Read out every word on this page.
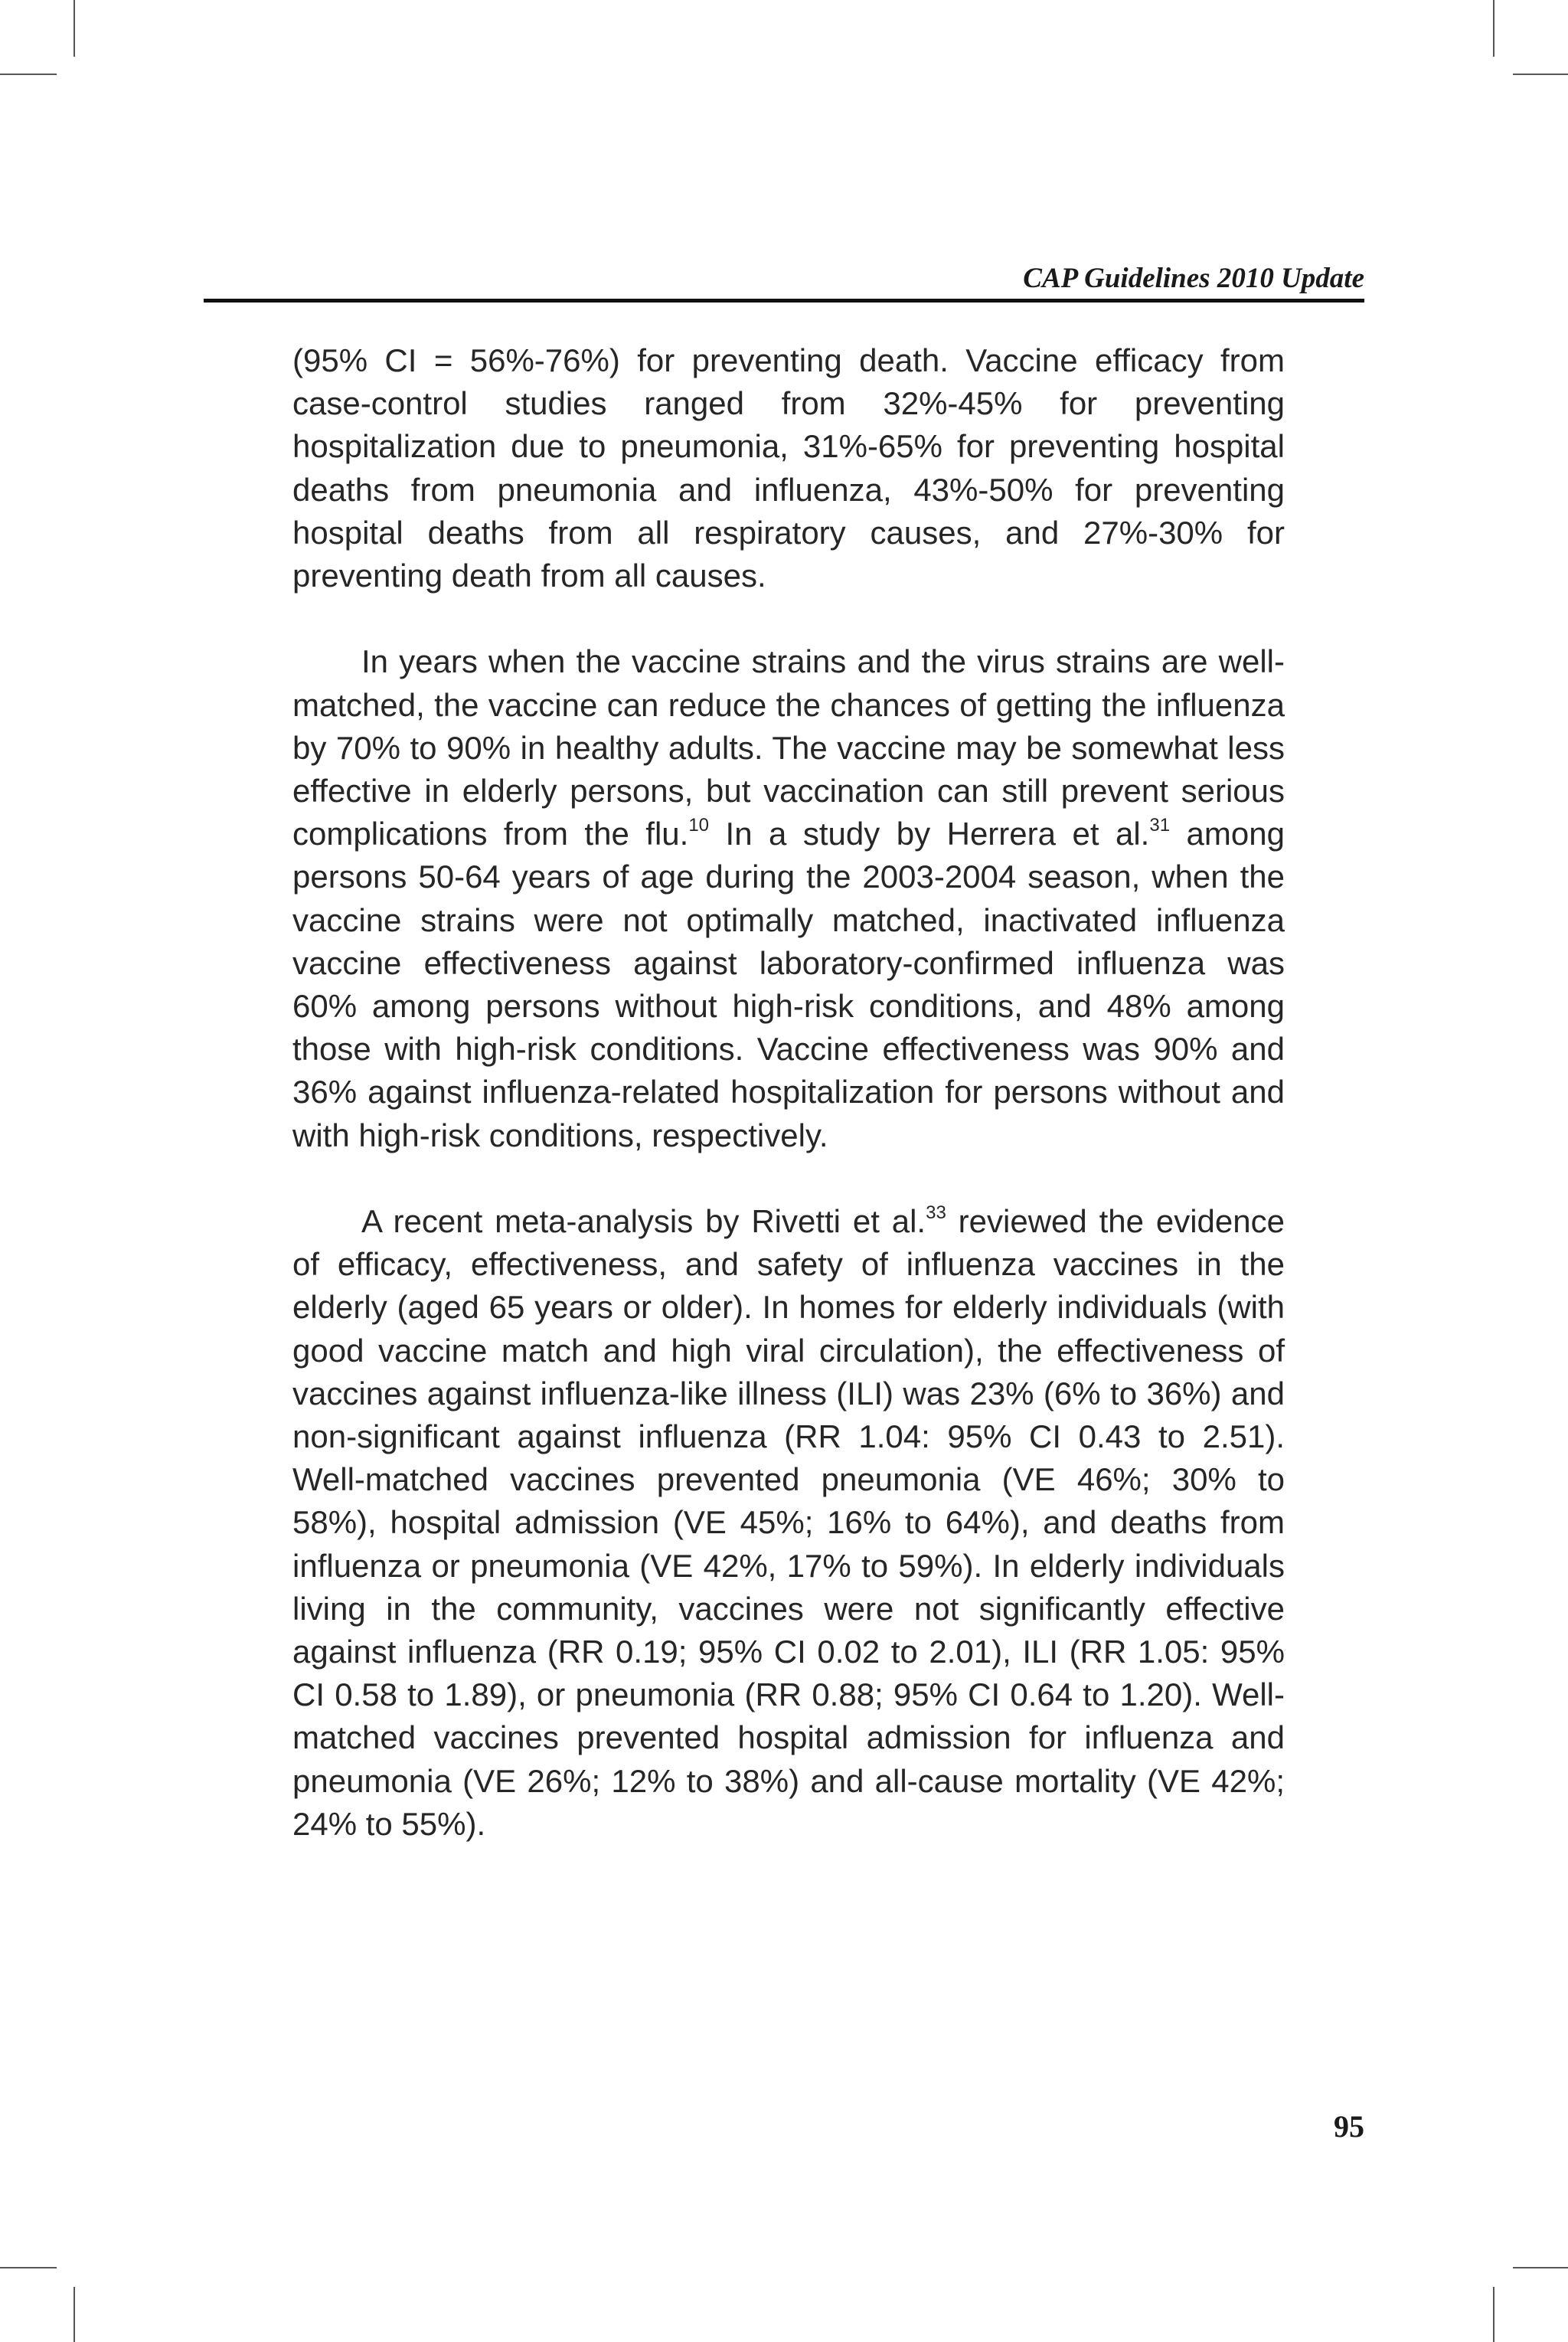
CAP Guidelines 2010 Update

(95% CI = 56%-76%) for preventing death. Vaccine efficacy from case-control studies ranged from 32%-45% for preventing hospitalization due to pneumonia, 31%-65% for preventing hospital deaths from pneumonia and influenza, 43%-50% for preventing hospital deaths from all respiratory causes, and 27%-30% for preventing death from all causes.

In years when the vaccine strains and the virus strains are well-matched, the vaccine can reduce the chances of getting the influenza by 70% to 90% in healthy adults. The vaccine may be somewhat less effective in elderly persons, but vaccination can still prevent serious complications from the flu.$^{10}$ In a study by Herrera et al.$^{31}$ among persons 50-64 years of age during the 2003-2004 season, when the vaccine strains were not optimally matched, inactivated influenza vaccine effectiveness against laboratory-confirmed influenza was 60% among persons without high-risk conditions, and 48% among those with high-risk conditions. Vaccine effectiveness was 90% and 36% against influenza-related hospitalization for persons without and with high-risk conditions, respectively.

A recent meta-analysis by Rivetti et al.$^{33}$ reviewed the evidence of efficacy, effectiveness, and safety of influenza vaccines in the elderly (aged 65 years or older). In homes for elderly individuals (with good vaccine match and high viral circulation), the effectiveness of vaccines against influenza-like illness (ILI) was 23% (6% to 36%) and non-significant against influenza (RR 1.04: 95% CI 0.43 to 2.51). Well-matched vaccines prevented pneumonia (VE 46%; 30% to 58%), hospital admission (VE 45%; 16% to 64%), and deaths from influenza or pneumonia (VE 42%, 17% to 59%). In elderly individuals living in the community, vaccines were not significantly effective against influenza (RR 0.19; 95% CI 0.02 to 2.01), ILI (RR 1.05: 95% CI 0.58 to 1.89), or pneumonia (RR 0.88; 95% CI 0.64 to 1.20). Well-matched vaccines prevented hospital admission for influenza and pneumonia (VE 26%; 12% to 38%) and all-cause mortality (VE 42%; 24% to 55%).

95
